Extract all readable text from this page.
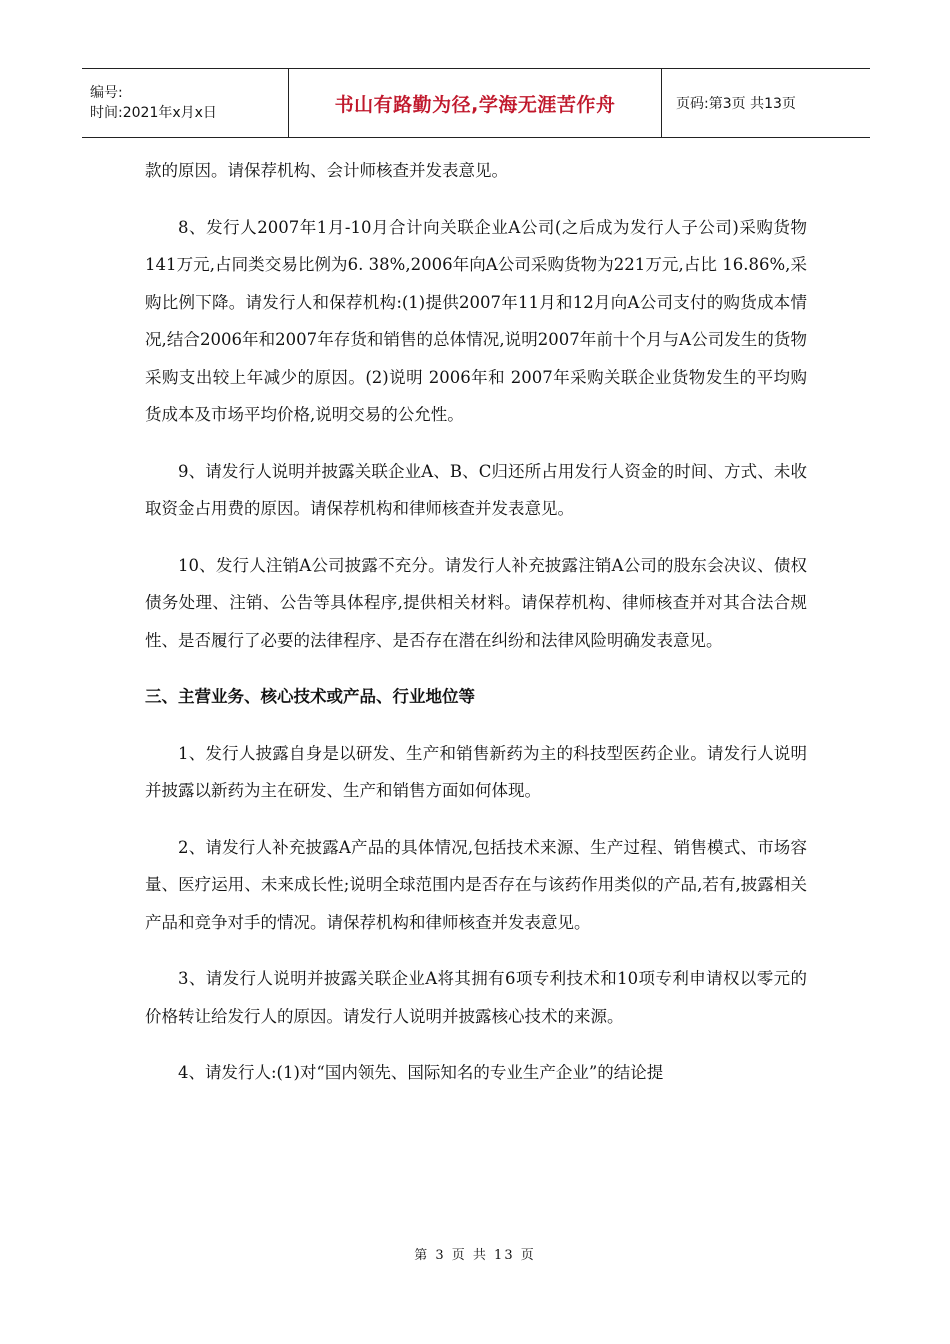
编号:
时间:2021年x月x日	书山有路勤为径,学海无涯苦作舟	页码:第3页 共13页

款的原因。请保荐机构、会计师核查并发表意见。

8、发行人2007年1月-10月合计向关联企业A公司(之后成为发行人子公司)采购货物141万元,占同类交易比例为6. 38%,2006年向A公司采购货物为221万元,占比 16.86%,采购比例下降。请发行人和保荐机构:(1)提供2007年11月和12月向A公司支付的购货成本情况,结合2006年和2007年存货和销售的总体情况,说明2007年前十个月与A公司发生的货物采购支出较上年减少的原因。(2)说明 2006年和 2007年采购关联企业货物发生的平均购货成本及市场平均价格,说明交易的公允性。

9、请发行人说明并披露关联企业A、B、C归还所占用发行人资金的时间、方式、未收取资金占用费的原因。请保荐机构和律师核查并发表意见。

10、发行人注销A公司披露不充分。请发行人补充披露注销A公司的股东会决议、债权债务处理、注销、公告等具体程序,提供相关材料。请保荐机构、律师核查并对其合法合规性、是否履行了必要的法律程序、是否存在潜在纠纷和法律风险明确发表意见。

三、主营业务、核心技术或产品、行业地位等

1、发行人披露自身是以研发、生产和销售新药为主的科技型医药企业。请发行人说明并披露以新药为主在研发、生产和销售方面如何体现。

2、请发行人补充披露A产品的具体情况,包括技术来源、生产过程、销售模式、市场容量、医疗运用、未来成长性;说明全球范围内是否存在与该药作用类似的产品,若有,披露相关产品和竞争对手的情况。请保荐机构和律师核查并发表意见。

3、请发行人说明并披露关联企业A将其拥有6项专利技术和10项专利申请权以零元的价格转让给发行人的原因。请发行人说明并披露核心技术的来源。

4、请发行人:(1)对“国内领先、国际知名的专业生产企业”的结论提

第 3 页 共 13 页
